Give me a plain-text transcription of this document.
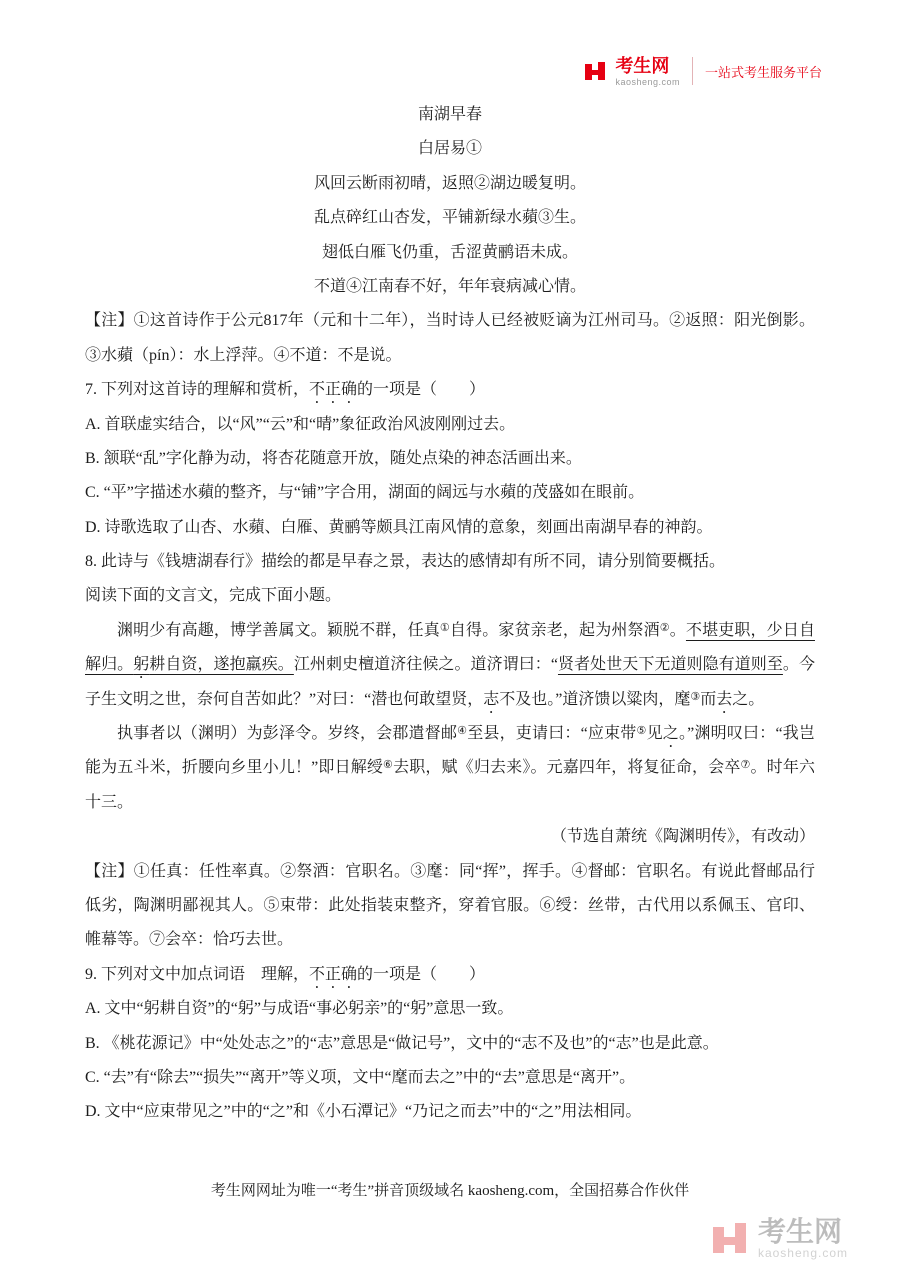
考生网
kaosheng.com
一站式考生服务平台

南湖早春

白居易①

风回云断雨初晴，返照②湖边暖复明。

乱点碎红山杏发，平铺新绿水蘋③生。

翅低白雁飞仍重，舌涩黄鹂语未成。

不道④江南春不好，年年衰病减心情。

【注】①这首诗作于公元817年（元和十二年），当时诗人已经被贬谪为江州司马。②返照：阳光倒影。③水蘋（pín）：水上浮萍。④不道：不是说。

7. 下列对这首诗的理解和赏析，不正确的一项是（　　）

A. 首联虚实结合，以“风”“云”和“晴”象征政治风波刚刚过去。

B. 颔联“乱”字化静为动，将杏花随意开放，随处点染的神态活画出来。

C. “平”字描述水蘋的整齐，与“铺”字合用，湖面的阔远与水蘋的茂盛如在眼前。

D. 诗歌选取了山杏、水蘋、白雁、黄鹂等颇具江南风情的意象，刻画出南湖早春的神韵。

8. 此诗与《钱塘湖春行》描绘的都是早春之景，表达的感情却有所不同，请分别简要概括。

阅读下面的文言文，完成下面小题。

渊明少有高趣，博学善属文。颖脱不群，任真①自得。家贫亲老，起为州祭酒②。不堪吏职，少日自解归。躬耕自资，遂抱羸疾。江州刺史檀道济往候之。道济谓曰：“贤者处世天下无道则隐有道则至。今子生文明之世，奈何自苦如此？”对曰：“潜也何敢望贤，志不及也。”道济馈以粱肉，麾③而去之。

执事者以（渊明）为彭泽令。岁终，会郡遣督邮④至县，吏请曰：“应束带⑤见之。”渊明叹曰：“我岂能为五斗米，折腰向乡里小儿！”即日解绶⑥去职，赋《归去来》。元嘉四年，将复征命，会卒⑦。时年六十三。

（节选自萧统《陶渊明传》，有改动）

【注】①任真：任性率真。②祭酒：官职名。③麾：同“挥”，挥手。④督邮：官职名。有说此督邮品行低劣，陶渊明鄙视其人。⑤束带：此处指装束整齐，穿着官服。⑥绶：丝带，古代用以系佩玉、官印、帷幕等。⑦会卒：恰巧去世。

9. 下列对文中加点词语　理解，不正确的一项是（　　）

A. 文中“躬耕自资”的“躬”与成语“事必躬亲”的“躬”意思一致。

B. 《桃花源记》中“处处志之”的“志”意思是“做记号”，文中的“志不及也”的“志”也是此意。

C. “去”有“除去”“损失”“离开”等义项，文中“麾而去之”中的“去”意思是“离开”。

D. 文中“应束带见之”中的“之”和《小石潭记》“乃记之而去”中的“之”用法相同。

考生网网址为唯一“考生”拼音顶级域名 kaosheng.com，全国招募合作伙伴
考生网
kaosheng.com
